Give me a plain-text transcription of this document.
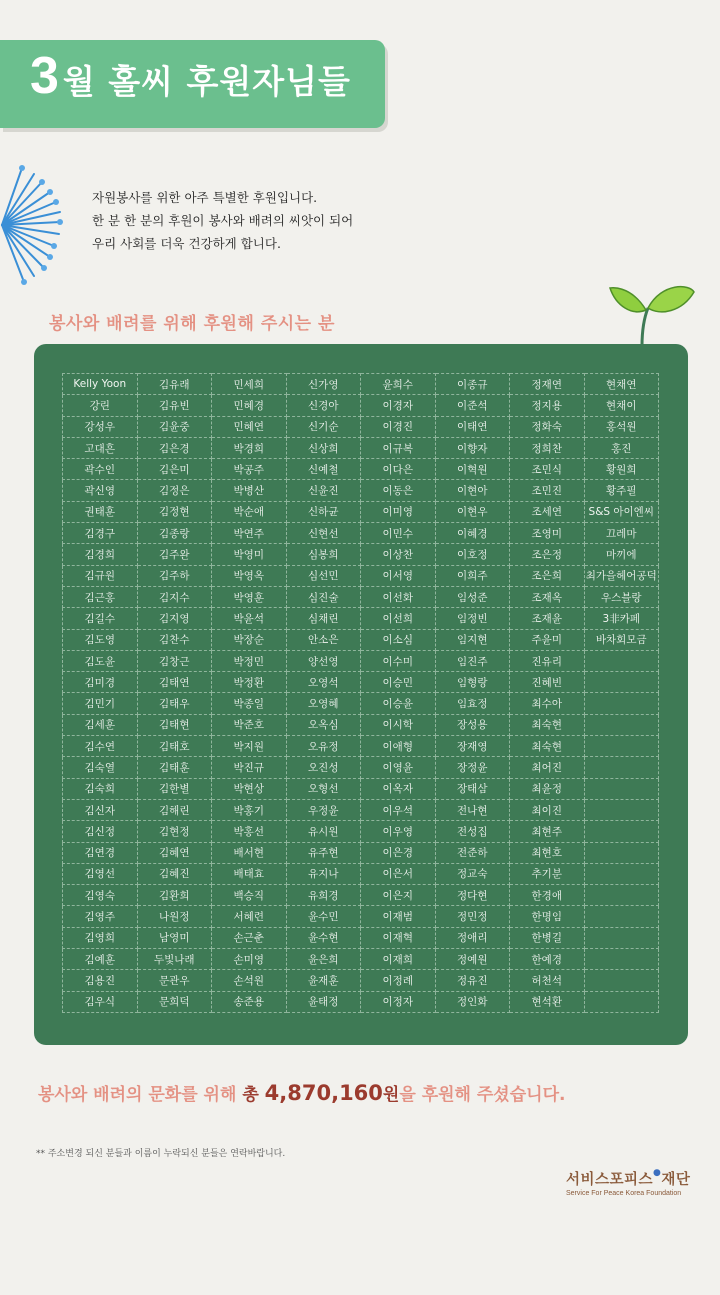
3 월 홀씨 후원자님들
자원봉사를 위한 아주 특별한 후원입니다.
한 분 한 분의 후원이 봉사와 배려의 씨앗이 되어
우리 사회를 더욱 건강하게 합니다.
봉사와 배려를 위해 후원해 주시는 분
Kelly Yoon	김유래	민세희	신가영	윤희수	이종규	정재연	현채연
강린	김유빈	민혜경	신경아	이경자	이준석	정지용	현채이
강성우	김윤중	민혜연	신기순	이경진	이태연	정화숙	홍석원
고대흔	김은경	박경희	신상희	이규복	이향자	정희찬	홍진
곽수인	김은미	박공주	신예철	이다은	이혁원	조민식	황원희
곽신영	김정은	박병산	신윤진	이동은	이현아	조민진	황주필
권태훈	김정현	박순애	신하균	이미영	이현우	조세연	S&S 아이엔씨
김경구	김종랑	박연주	신현선	이민수	이혜경	조영미	끄레마
김경희	김주완	박영미	심봉희	이상찬	이호정	조은정	마끼에
김규원	김주하	박영옥	심선민	이서영	이희주	조은희	최가을헤어공덕
김근홍	김지수	박영훈	심진술	이선화	임성준	조재옥	우스블랑
김길수	김지영	박윤석	심채린	이선희	임정빈	조재윤	3非카페
김도영	김찬수	박장순	안소은	이소심	임지현	주윤미	바차회모금
김도윤	김창근	박정민	양선영	이수미	임진주	진유리	
김미경	김태연	박정환	오영석	이승민	임형랑	진혜빈	
김민기	김태우	박종일	오영혜	이승윤	임효정	최수아	
김세훈	김태현	박준호	오옥심	이시학	장성용	최숙현	
김수연	김태호	박지원	오유정	이애형	장재영	최숙현	
김숙열	김태훈	박진규	오진성	이영윤	장정윤	최어진	
김숙희	김한별	박현상	오형선	이옥자	장태삼	최윤정	
김신자	김해린	박홍기	우정윤	이우석	전나현	최이진	
김신정	김현정	박홍선	유시원	이우영	전성집	최현주	
김연경	김혜연	배서현	유주현	이은경	전준하	최현호	
김영선	김혜진	배태효	유지나	이은서	정교숙	추기분	
김영숙	김환희	백승직	유희경	이은지	정다현	한경애	
김영주	나원정	서혜련	윤수민	이재범	정민정	한명임	
김영희	남영미	손근춘	윤수현	이재혁	정애리	한병길	
김예훈	두빛나래	손미영	윤은희	이재희	정예원	한예경	
김용진	문관우	손석원	윤재훈	이정례	정유진	허천석	
김우식	문희덕	송준용	윤태정	이정자	정인화	현석환	
봉사와 배려의 문화를 위해 총 4,870,160원을 후원해 주셨습니다.
** 주소변경 되신 분들과 이름이 누락되신 분들은 연락바랍니다.
서비스포피스●재단
Service For Peace Korea Foundation
